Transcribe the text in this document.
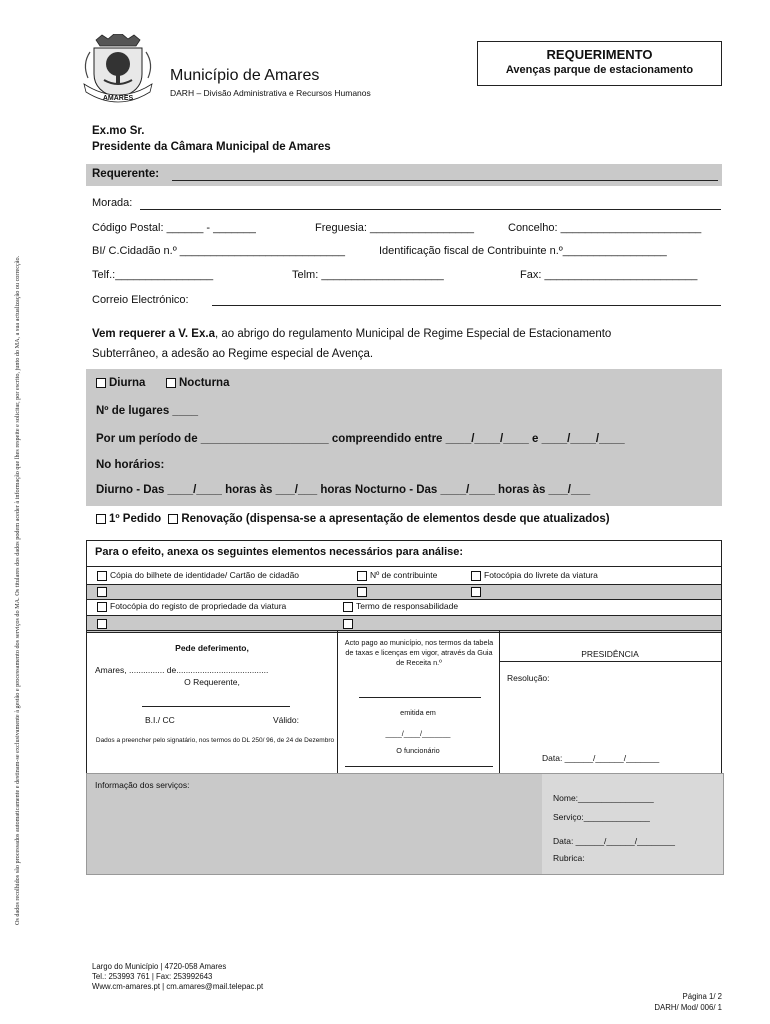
Os dados recolhidos são processados automaticamente e destinam-se exclusivamente à gestão e processamento dos serviços do MA. Os titulares dos dados podem aceder à informação que lhes respeite e solicitar, por escrito, junto do MA, a sua actualização ou correcção.
AMARES
Município de Amares
DARH – Divisão Administrativa e Recursos Humanos
REQUERIMENTO
Avenças parque de estacionamento
Ex.mo Sr.
Presidente da Câmara Municipal de Amares
Requerente:
Morada:
Código Postal: ______ - _______	Freguesia: _________________	Concelho: _______________________
BI/ C.Cidadão n.º ___________________________	Identificação fiscal de Contribuinte n.º_________________
Telf.:________________	Telm: ____________________	Fax: _________________________
Correio Electrónico:
Vem requerer a V. Ex.a, ao abrigo do regulamento Municipal de Regime Especial de Estacionamento
Subterrâneo, a adesão ao Regime especial de Avença.
Diurna	Nocturna
Nº de lugares ____
Por um período de ____________________ compreendido entre ____/____/____ e ____/____/____
No horários:
Diurno - Das ____/____ horas às ___/___ horas Nocturno - Das ____/____ horas às ___/___
1º Pedido Renovação (dispensa-se a apresentação de elementos desde que atualizados)
Para o efeito, anexa os seguintes elementos necessários para análise:
Cópia do bilhete de identidade/ Cartão de cidadão	Nº de contribuinte	Fotocópia do livrete da viatura
Fotocópia do registo de propriedade da viatura	Termo de responsabilidade
Pede deferimento,
Amares, ............... de.......................................
O Requerente,
B.I./ CC	Válido:
Dados a preencher pelo signatário, nos termos do DL 250/ 96, de 24 de Dezembro
Acto pago ao município, nos termos da tabela de taxas e licenças em vigor, através da Guia de Receita n.º
emitida em
____/____/_______
O funcionário
PRESIDÊNCIA
Resolução:
Data: ______/______/_______
Informação dos serviços:
Nome:________________
Serviço:______________
Data: ______/______/________
Rubrica:
Largo do Município | 4720-058 Amares
Tel.: 253993 761 | Fax: 253992643
Www.cm-amares.pt | cm.amares@mail.telepac.pt
Página 1/ 2
DARH/ Mod/ 006/ 1
